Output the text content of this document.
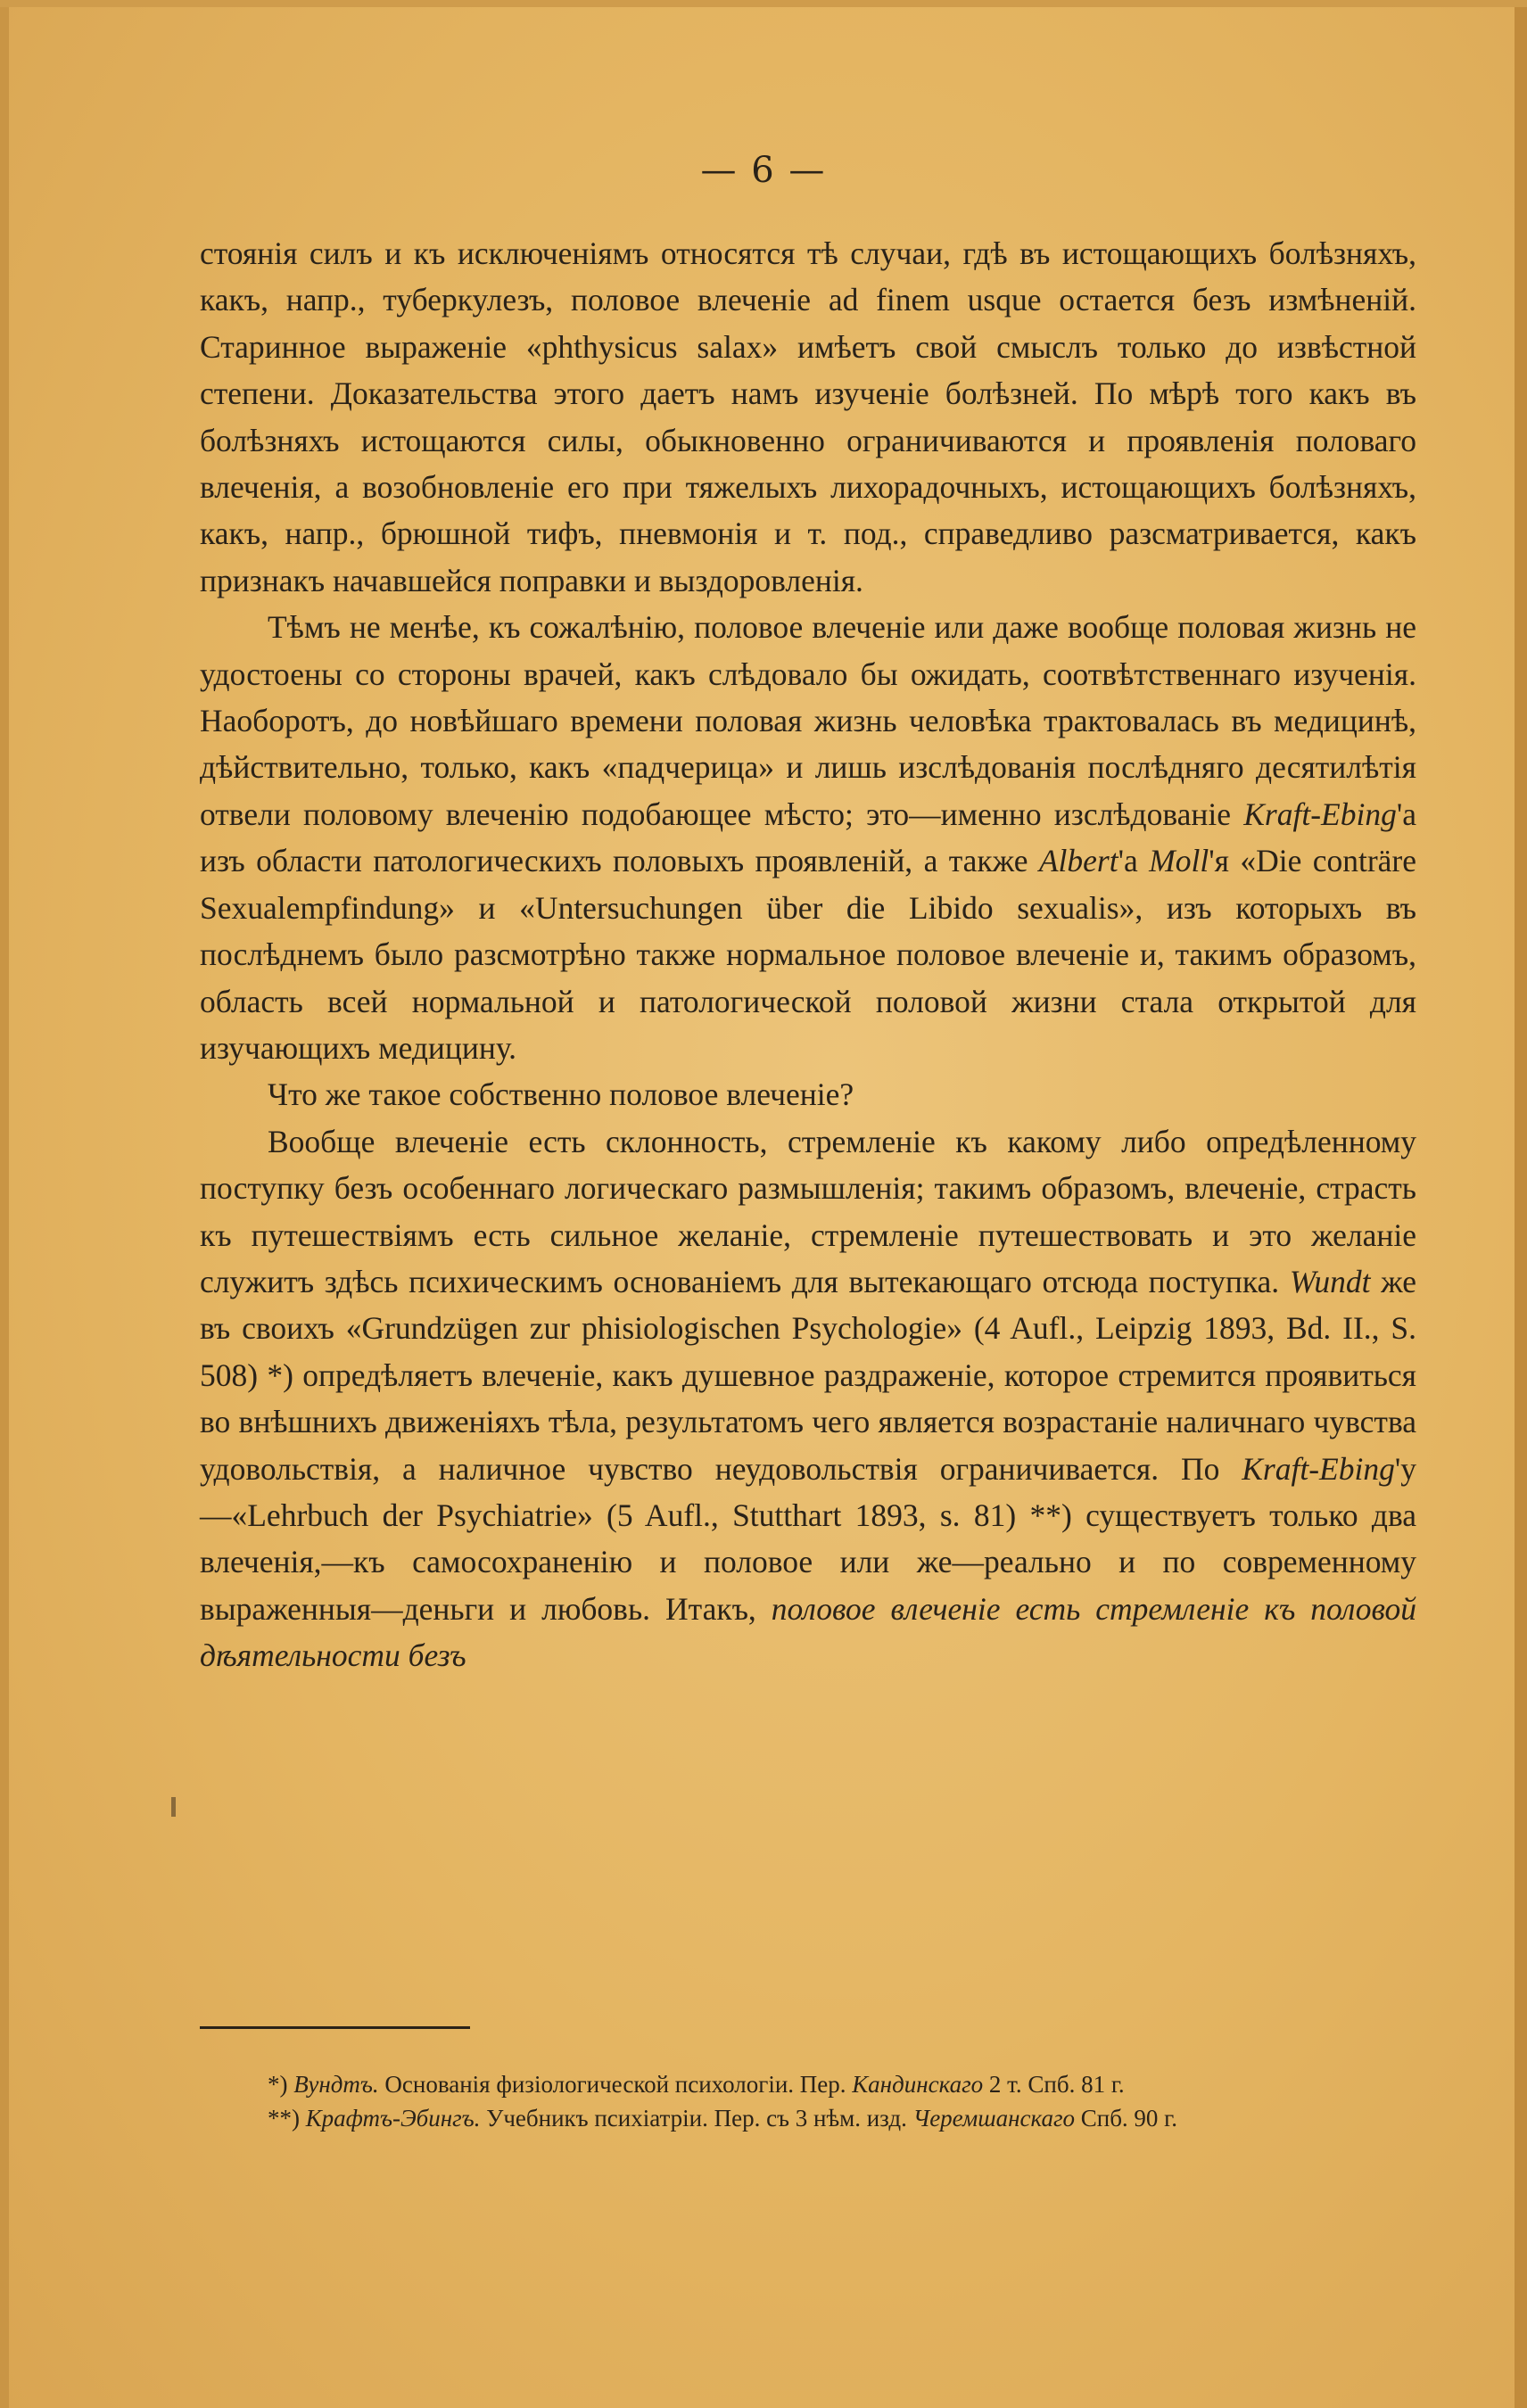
— 6 —

стоянія силъ и къ исключеніямъ относятся тѣ случаи, гдѣ въ истощающихъ болѣзняхъ, какъ, напр., туберкулезъ, половое влеченіе ad finem usque остается безъ измѣненій. Старинное выраженіе «phthysicus salax» имѣетъ свой смыслъ только до извѣстной степени. Доказательства этого даетъ намъ изученіе болѣзней. По мѣрѣ того какъ въ болѣзняхъ истощаются силы, обыкновенно ограничиваются и проявленія половаго влеченія, а возобновленіе его при тяжелыхъ лихорадочныхъ, истощающихъ болѣзняхъ, какъ, напр., брюшной тифъ, пневмонія и т. под., справедливо разсматривается, какъ признакъ начавшейся поправки и выздоровленія.

Тѣмъ не менѣе, къ сожалѣнію, половое влеченіе или даже вообще половая жизнь не удостоены со стороны врачей, какъ слѣдовало бы ожидать, соотвѣтственнаго изученія. Наоборотъ, до новѣйшаго времени половая жизнь человѣка трактовалась въ медицинѣ, дѣйствительно, только, какъ «падчерица» и лишь изслѣдованія послѣдняго десятилѣтія отвели половому влеченію подобающее мѣсто; это—именно изслѣдованіе Kraft-Ebing'а изъ области патологическихъ половыхъ проявленій, а также Albert'а Moll'я «Die conträre Sexualempfindung» и «Untersuchungen über die Libido sexualis», изъ которыхъ въ послѣднемъ было разсмотрѣно также нормальное половое влеченіе и, такимъ образомъ, область всей нормальной и патологической половой жизни стала открытой для изучающихъ медицину.

Что же такое собственно половое влеченіе?

Вообще влеченіе есть склонность, стремленіе къ какому либо опредѣленному поступку безъ особеннаго логическаго размышленія; такимъ образомъ, влеченіе, страсть къ путешествіямъ есть сильное желаніе, стремленіе путешествовать и это желаніе служитъ здѣсь психическимъ основаніемъ для вытекающаго отсюда поступка. Wundt же въ своихъ «Grundzügen zur phisiologischen Psychologie» (4 Aufl., Leipzig 1893, Bd. II., S. 508) *) опредѣляетъ влеченіе, какъ душевное раздраженіе, которое стремится проявиться во внѣшнихъ движеніяхъ тѣла, результатомъ чего является возрастаніе наличнаго чувства удовольствія, а наличное чувство неудовольствія ограничивается. По Kraft-Ebing'у—«Lehrbuch der Psychiatrie» (5 Aufl., Stutthart 1893, s. 81) **) существуетъ только два влеченія,—къ самосохраненію и половое или же—реально и по современному выраженныя—деньги и любовь. Итакъ, половое влеченіе есть стремленіе къ половой дѣятельности безъ

*) Вундтъ. Основанія физіологической психологіи. Пер. Кандинскаго 2 т. Спб. 81 г.

**) Крафтъ-Эбингъ. Учебникъ психіатріи. Пер. съ 3 нѣм. изд. Черемшанскаго Спб. 90 г.
